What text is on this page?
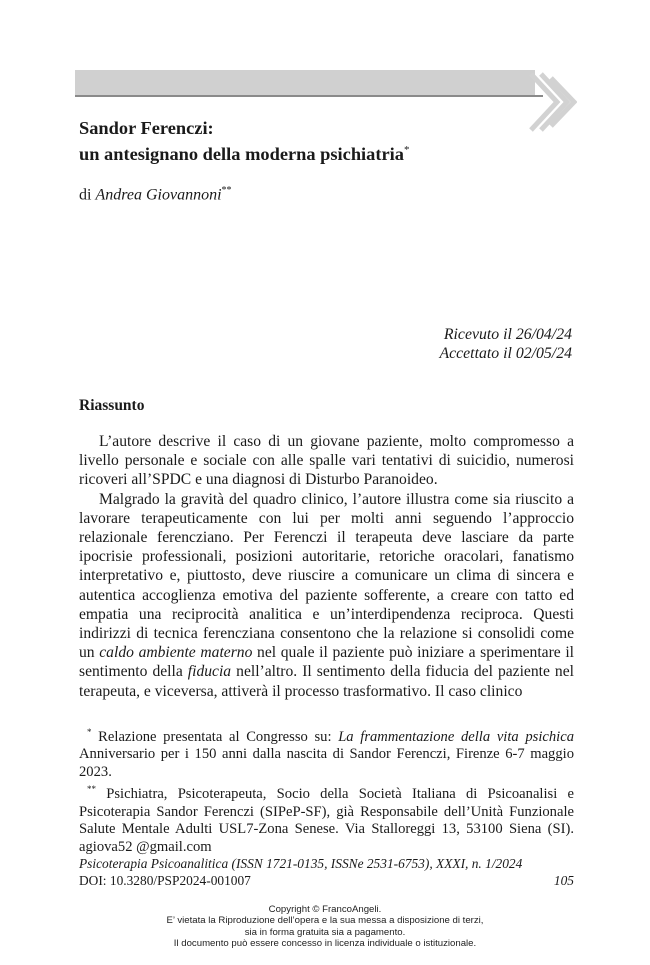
Sandor Ferenczi:
un antesignano della moderna psichiatria*
di Andrea Giovannoni**
Ricevuto il 26/04/24
Accettato il 02/05/24
Riassunto

L’autore descrive il caso di un giovane paziente, molto compromesso a livello personale e sociale con alle spalle vari tentativi di suicidio, numerosi ricoveri all’SPDC e una diagnosi di Disturbo Paranoideo.

Malgrado la gravità del quadro clinico, l’autore illustra come sia riuscito a lavorare terapeuticamente con lui per molti anni seguendo l’approccio relazionale ferencziano. Per Ferenczi il terapeuta deve lasciare da parte ipocrisie professionali, posizioni autoritarie, retoriche oracolari, fanatismo interpretativo e, piuttosto, deve riuscire a comunicare un clima di sincera e autentica accoglienza emotiva del paziente sofferente, a creare con tatto ed empatia una reciprocità analitica e un’interdipendenza reciproca. Questi indirizzi di tecnica ferencziana consentono che la relazione si consolidi come un caldo ambiente materno nel quale il paziente può iniziare a sperimentare il sentimento della fiducia nell’altro. Il sentimento della fiducia del paziente nel terapeuta, e viceversa, attiverà il processo trasformativo. Il caso clinico

* Relazione presentata al Congresso su: La frammentazione della vita psichica Anniversario per i 150 anni dalla nascita di Sandor Ferenczi, Firenze 6-7 maggio 2023.

** Psichiatra, Psicoterapeuta, Socio della Società Italiana di Psicoanalisi e Psicoterapia Sandor Ferenczi (SIPeP-SF), già Responsabile dell’Unità Funzionale Salute Mentale Adulti USL7-Zona Senese. Via Stalloreggi 13, 53100 Siena (SI). agiova52 @gmail.com

Psicoterapia Psicoanalitica (ISSN 1721-0135, ISSNe 2531-6753), XXXI, n. 1/2024
DOI: 10.3280/PSP2024-001007	105
Copyright © FrancoAngeli.
E’ vietata la Riproduzione dell’opera e la sua messa a disposizione di terzi,
sia in forma gratuita sia a pagamento.
Il documento può essere concesso in licenza individuale o istituzionale.
